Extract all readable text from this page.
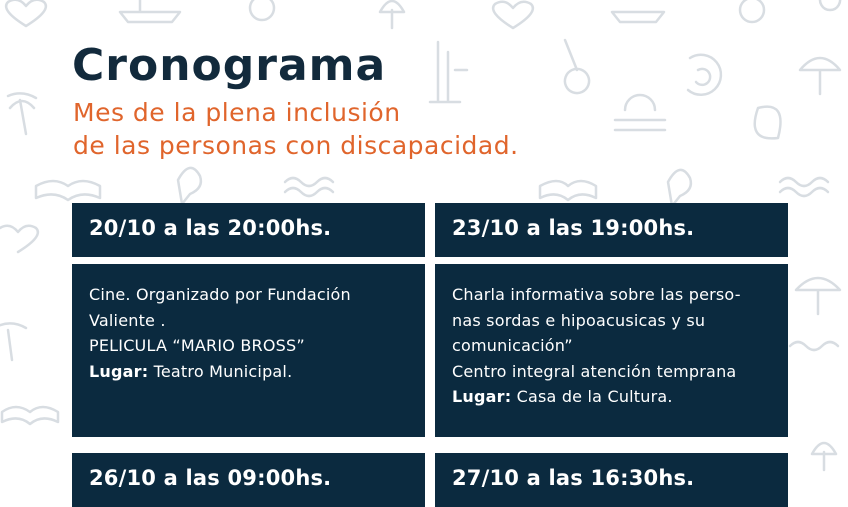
Cronograma
Mes de la plena inclusión
de las personas con discapacidad.
20/10 a las 20:00hs.
Cine. Organizado por Fundación
Valiente .
PELICULA “MARIO BROSS”
Lugar: Teatro Municipal.
23/10 a las 19:00hs.
Charla informativa sobre las perso-
nas sordas e hipoacusicas y su
comunicación”
Centro integral atención temprana
Lugar: Casa de la Cultura.
26/10 a las 09:00hs.	27/10 a las 16:30hs.
